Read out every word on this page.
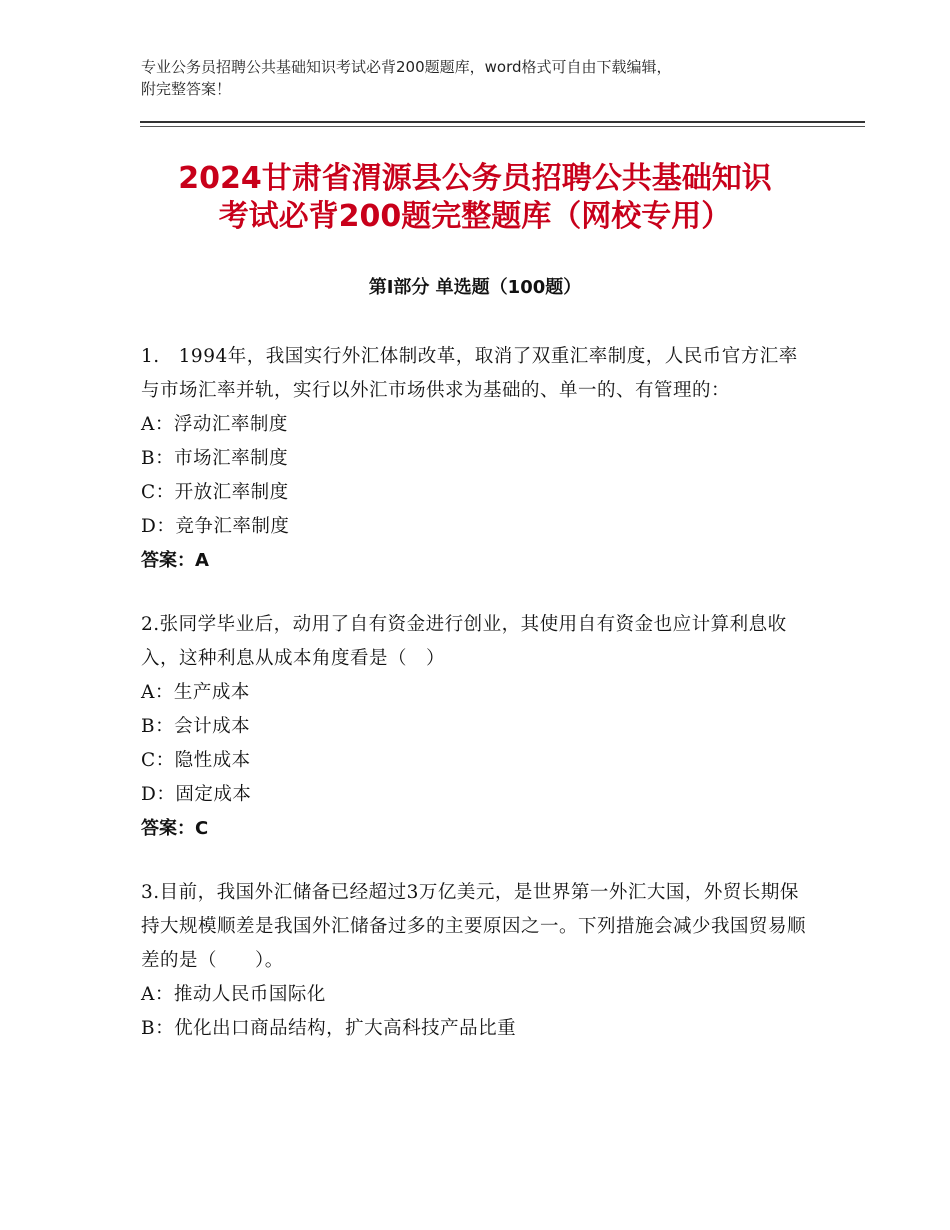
专业公务员招聘公共基础知识考试必背200题题库，word格式可自由下载编辑，
附完整答案！
2024甘肃省渭源县公务员招聘公共基础知识
考试必背200题完整题库（网校专用）
第Ⅰ部分 单选题（100题）
1.　1994年，我国实行外汇体制改革，取消了双重汇率制度，人民币官方汇率与市场汇率并轨，实行以外汇市场供求为基础的、单一的、有管理的：
A：浮动汇率制度
B：市场汇率制度
C：开放汇率制度
D：竞争汇率制度
答案：A
2.张同学毕业后，动用了自有资金进行创业，其使用自有资金也应计算利息收入，这种利息从成本角度看是（　）
A：生产成本
B：会计成本
C：隐性成本
D：固定成本
答案：C
3.目前，我国外汇储备已经超过3万亿美元，是世界第一外汇大国，外贸长期保持大规模顺差是我国外汇储备过多的主要原因之一。下列措施会减少我国贸易顺差的是（　　）。
A：推动人民币国际化
B：优化出口商品结构，扩大高科技产品比重
